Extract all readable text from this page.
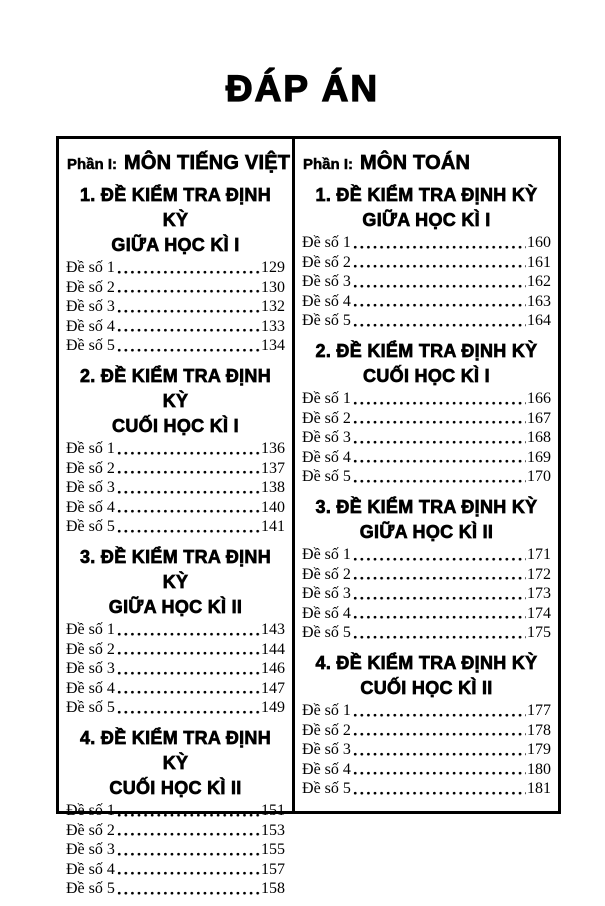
ĐÁP ÁN
Phần I: MÔN TIẾNG VIỆT
1. ĐỀ KIỂM TRA ĐỊNH KỲ
GIỮA HỌC KÌ I
Đề số 1	129
Đề số 2	130
Đề số 3	132
Đề số 4	133
Đề số 5	134
2. ĐỀ KIỂM TRA ĐỊNH KỲ
CUỐI HỌC KÌ I
Đề số 1	136
Đề số 2	137
Đề số 3	138
Đề số 4	140
Đề số 5	141
3. ĐỀ KIỂM TRA ĐỊNH KỲ
GIỮA HỌC KÌ II
Đề số 1	143
Đề số 2	144
Đề số 3	146
Đề số 4	147
Đề số 5	149
4. ĐỀ KIỂM TRA ĐỊNH KỲ
CUỐI HỌC KÌ II
Đề số 1	151
Đề số 2	153
Đề số 3	155
Đề số 4	157
Đề số 5	158
Phần I: MÔN TOÁN
1. ĐỀ KIỂM TRA ĐỊNH KỲ
GIỮA HỌC KÌ I
Đề số 1	160
Đề số 2	161
Đề số 3	162
Đề số 4	163
Đề số 5	164
2. ĐỀ KIỂM TRA ĐỊNH KỲ
CUỐI HỌC KÌ I
Đề số 1	166
Đề số 2	167
Đề số 3	168
Đề số 4	169
Đề số 5	170
3. ĐỀ KIỂM TRA ĐỊNH KỲ
GIỮA HỌC KÌ II
Đề số 1	171
Đề số 2	172
Đề số 3	173
Đề số 4	174
Đề số 5	175
4. ĐỀ KIỂM TRA ĐỊNH KỲ
CUỐI HỌC KÌ II
Đề số 1	177
Đề số 2	178
Đề số 3	179
Đề số 4	180
Đề số 5	181
